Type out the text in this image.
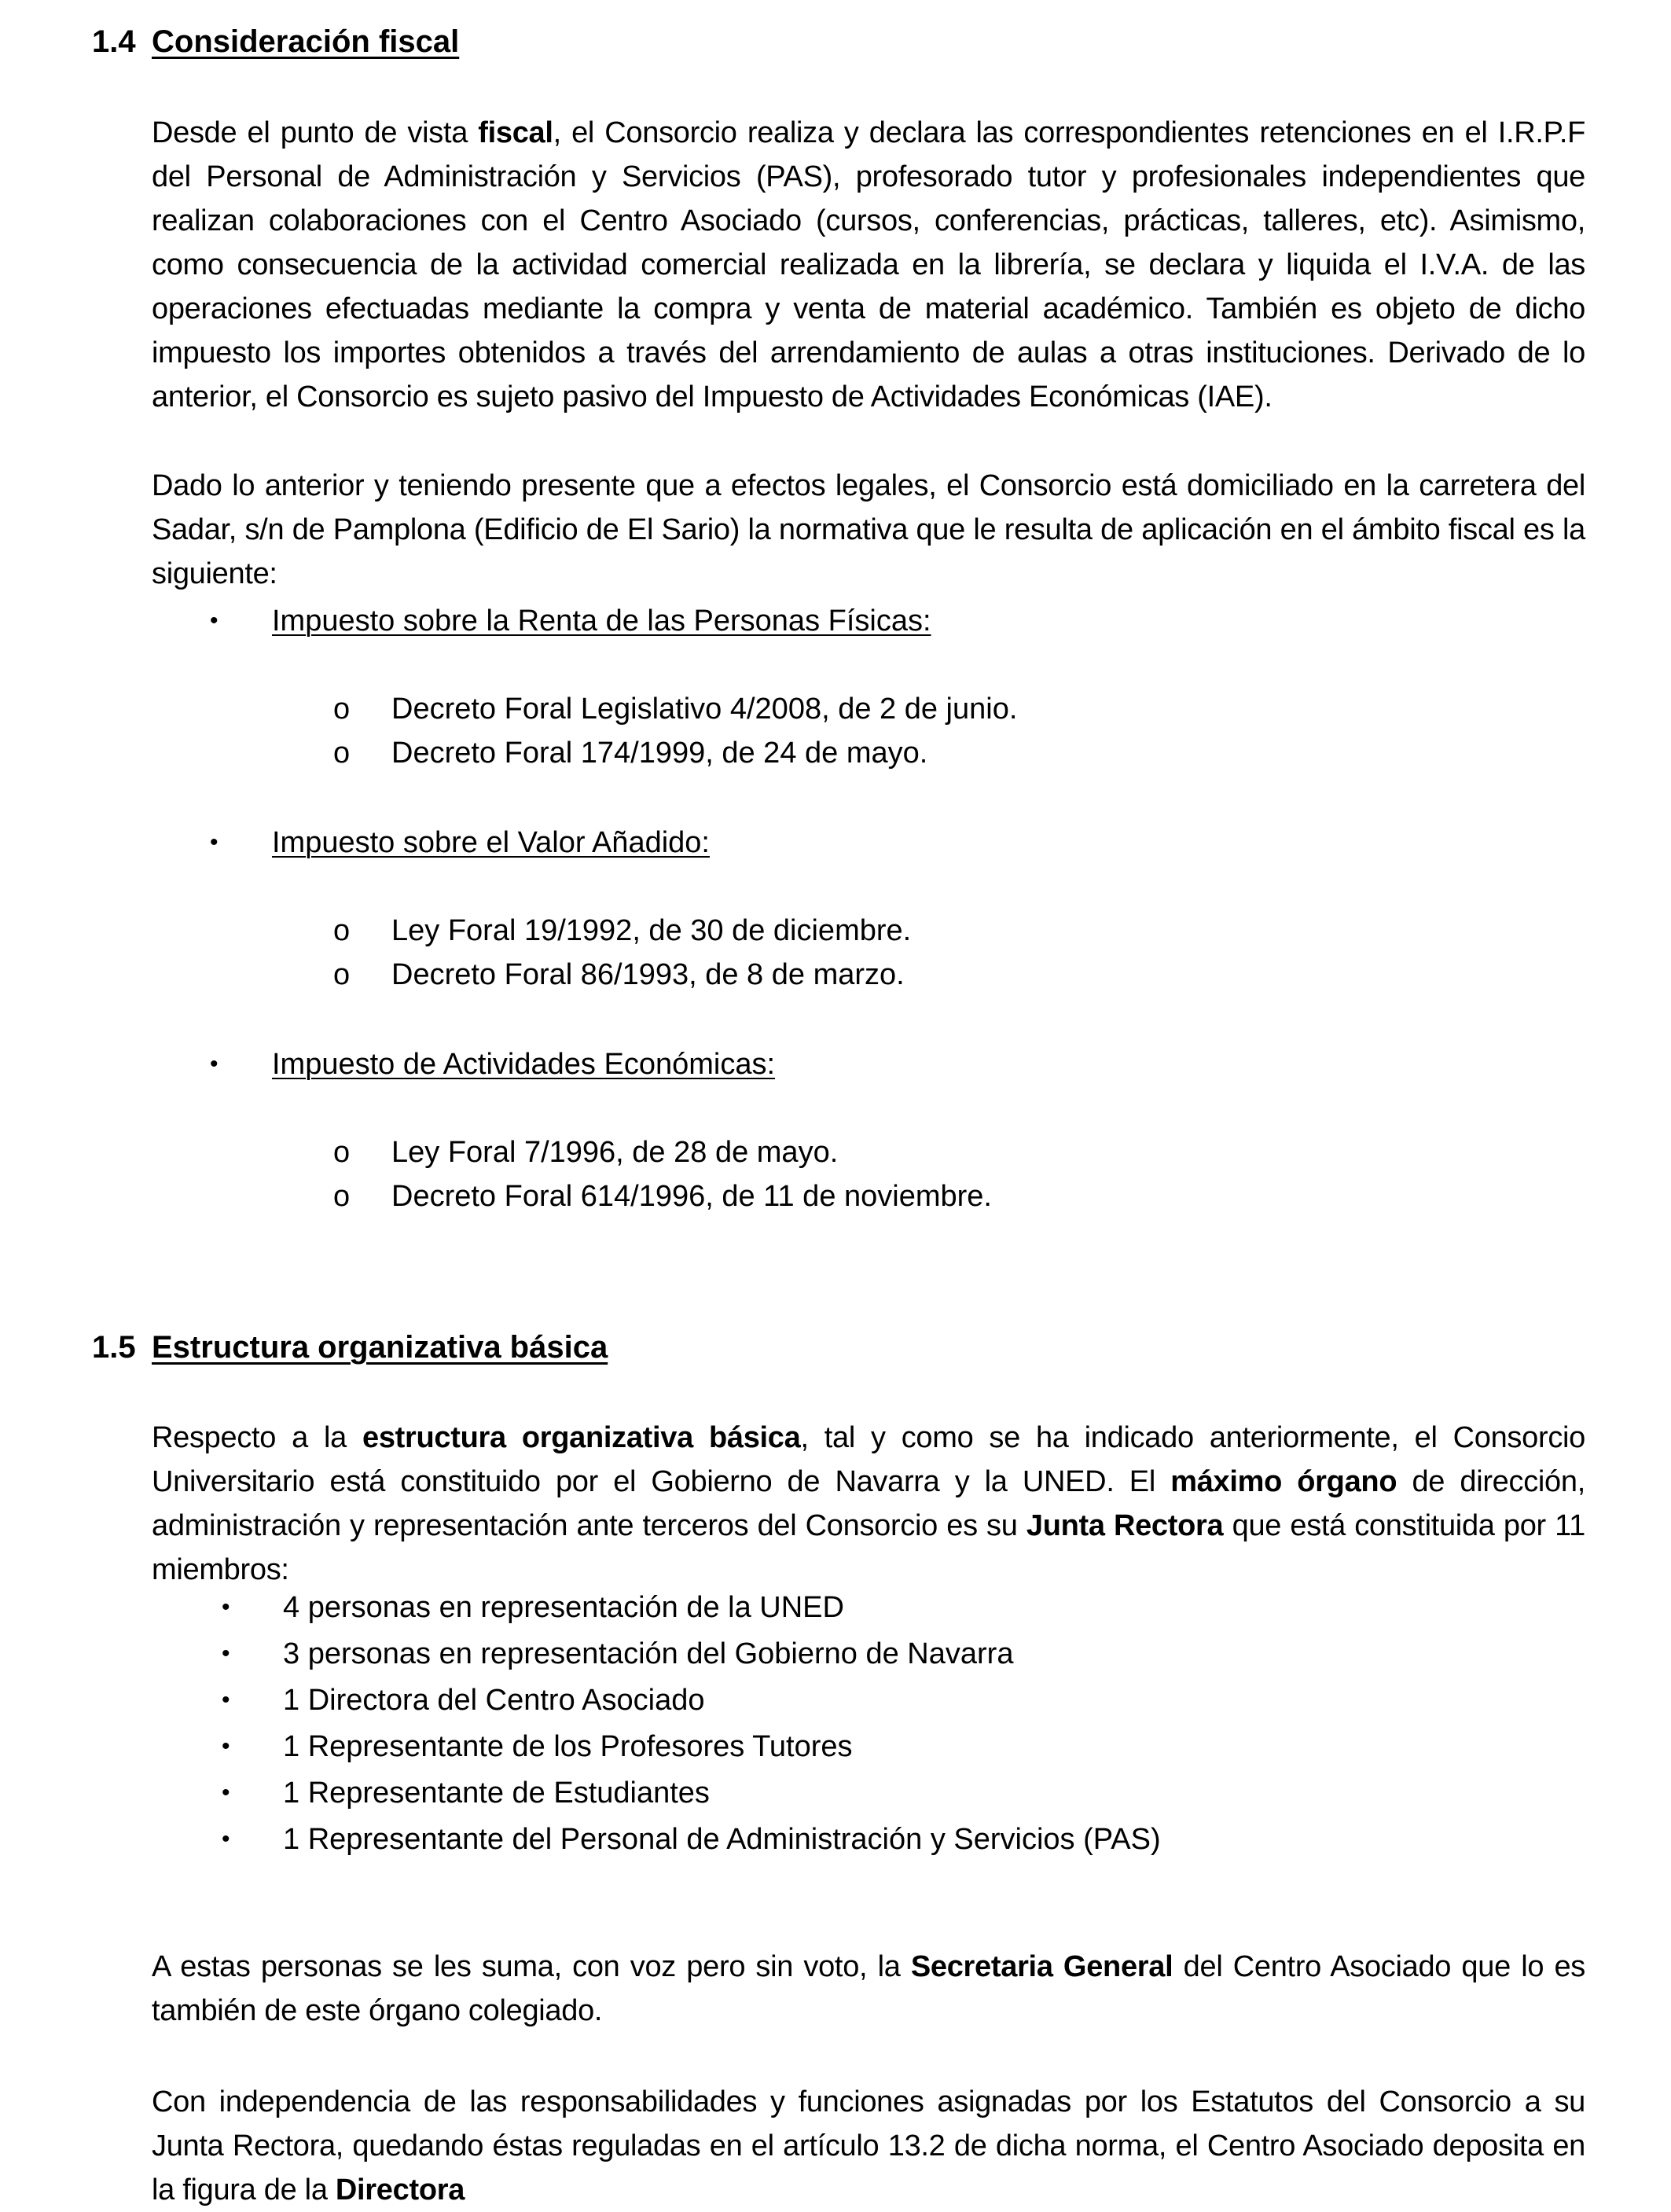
1.4 Consideración fiscal

Desde el punto de vista fiscal, el Consorcio realiza y declara las correspondientes retenciones en el I.R.P.F del Personal de Administración y Servicios (PAS), profesorado tutor y profesionales independientes que realizan colaboraciones con el Centro Asociado (cursos, conferencias, prácticas, talleres, etc). Asimismo, como consecuencia de la actividad comercial realizada en la librería, se declara y liquida el I.V.A. de las operaciones efectuadas mediante la compra y venta de material académico. También es objeto de dicho impuesto los importes obtenidos a través del arrendamiento de aulas a otras instituciones. Derivado de lo anterior, el Consorcio es sujeto pasivo del Impuesto de Actividades Económicas (IAE).

Dado lo anterior y teniendo presente que a efectos legales, el Consorcio está domiciliado en la carretera del Sadar, s/n de Pamplona (Edificio de El Sario) la normativa que le resulta de aplicación en el ámbito fiscal es la siguiente:

• Impuesto sobre la Renta de las Personas Físicas:
o Decreto Foral Legislativo 4/2008, de 2 de junio.
o Decreto Foral 174/1999, de 24 de mayo.
• Impuesto sobre el Valor Añadido:
o Ley Foral 19/1992, de 30 de diciembre.
o Decreto Foral 86/1993, de 8 de marzo.
• Impuesto de Actividades Económicas:
o Ley Foral 7/1996, de 28 de mayo.
o Decreto Foral 614/1996, de 11 de noviembre.
1.5 Estructura organizativa básica

Respecto a la estructura organizativa básica, tal y como se ha indicado anteriormente, el Consorcio Universitario está constituido por el Gobierno de Navarra y la UNED. El máximo órgano de dirección, administración y representación ante terceros del Consorcio es su Junta Rectora que está constituida por 11 miembros:

• 4 personas en representación de la UNED
• 3 personas en representación del Gobierno de Navarra
• 1 Directora del Centro Asociado
• 1 Representante de los Profesores Tutores
• 1 Representante de Estudiantes
• 1 Representante del Personal de Administración y Servicios (PAS)

A estas personas se les suma, con voz pero sin voto, la Secretaria General del Centro Asociado que lo es también de este órgano colegiado.

Con independencia de las responsabilidades y funciones asignadas por los Estatutos del Consorcio a su Junta Rectora, quedando éstas reguladas en el artículo 13.2 de dicha norma, el Centro Asociado deposita en la figura de la Directora
